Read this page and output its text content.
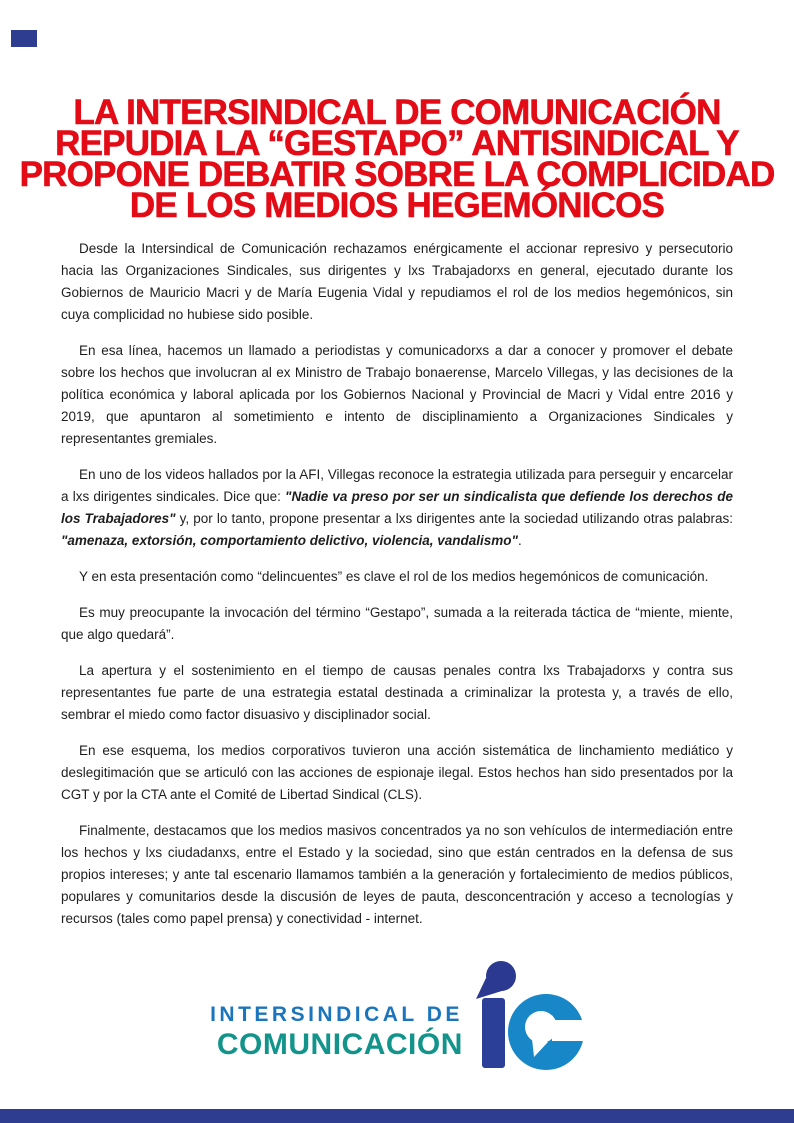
LA INTERSINDICAL DE COMUNICACIÓN
REPUDIA LA “GESTAPO” ANTISINDICAL Y
PROPONE DEBATIR SOBRE LA COMPLICIDAD
DE LOS MEDIOS HEGEMÓNICOS

Desde la Intersindical de Comunicación rechazamos enérgicamente el accionar represivo y persecutorio hacia las Organizaciones Sindicales, sus dirigentes y lxs Trabajadorxs en general, ejecutado durante los Gobiernos de Mauricio Macri y de María Eugenia Vidal y repudiamos el rol de los medios hegemónicos, sin cuya complicidad no hubiese sido posible.

En esa línea, hacemos un llamado a periodistas y comunicadorxs a dar a conocer y promover el debate sobre los hechos que involucran al ex Ministro de Trabajo bonaerense, Marcelo Villegas, y las decisiones de la política económica y laboral aplicada por los Gobiernos Nacional y Provincial de Macri y Vidal entre 2016 y 2019, que apuntaron al sometimiento e intento de disciplinamiento a Organizaciones Sindicales y representantes gremiales.

En uno de los videos hallados por la AFI, Villegas reconoce la estrategia utilizada para perseguir y encarcelar a lxs dirigentes sindicales. Dice que: "Nadie va preso por ser un sindicalista que defiende los derechos de los Trabajadores" y, por lo tanto, propone presentar a lxs dirigentes ante la sociedad utilizando otras palabras: "amenaza, extorsión, comportamiento delictivo, violencia, vandalismo".

Y en esta presentación como “delincuentes” es clave el rol de los medios hegemónicos de comunicación.

Es muy preocupante la invocación del término “Gestapo”, sumada a la reiterada táctica de “miente, miente, que algo quedará”.

La apertura y el sostenimiento en el tiempo de causas penales contra lxs Trabajadorxs y contra sus representantes fue parte de una estrategia estatal destinada a criminalizar la protesta y, a través de ello, sembrar el miedo como factor disuasivo y disciplinador social.

En ese esquema, los medios corporativos tuvieron una acción sistemática de linchamiento mediático y deslegitimación que se articuló con las acciones de espionaje ilegal. Estos hechos han sido presentados por la CGT y por la CTA ante el Comité de Libertad Sindical (CLS).

Finalmente, destacamos que los medios masivos concentrados ya no son vehículos de intermediación entre los hechos y lxs ciudadanxs, entre el Estado y la sociedad, sino que están centrados en la defensa de sus propios intereses; y ante tal escenario llamamos también a la generación y fortalecimiento de medios públicos, populares y comunitarios desde la discusión de leyes de pauta, desconcentración y acceso a tecnologías y recursos (tales como papel prensa) y conectividad - internet.

INTERSINDICAL DE
COMUNICACIÓN
